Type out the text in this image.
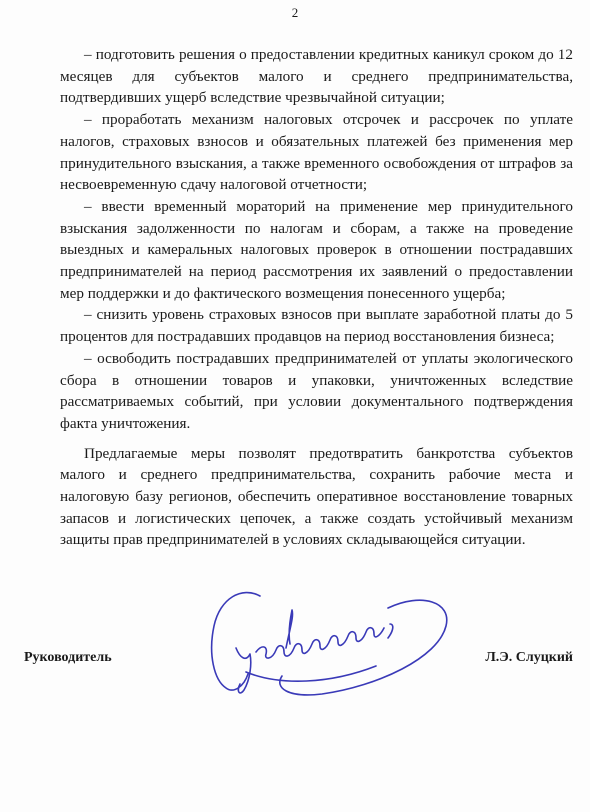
2

– подготовить решения о предоставлении кредитных каникул сроком до 12 месяцев для субъектов малого и среднего предпринимательства, подтвердивших ущерб вследствие чрезвычайной ситуации;

– проработать механизм налоговых отсрочек и рассрочек по уплате налогов, страховых взносов и обязательных платежей без применения мер принудительного взыскания, а также временного освобождения от штрафов за несвоевременную сдачу налоговой отчетности;

– ввести временный мораторий на применение мер принудительного взыскания задолженности по налогам и сборам, а также на проведение выездных и камеральных налоговых проверок в отношении пострадавших предпринимателей на период рассмотрения их заявлений о предоставлении мер поддержки и до фактического возмещения понесенного ущерба;

– снизить уровень страховых взносов при выплате заработной платы до 5 процентов для пострадавших продавцов на период восстановления бизнеса;

– освободить пострадавших предпринимателей от уплаты экологического сбора в отношении товаров и упаковки, уничтоженных вследствие рассматриваемых событий, при условии документального подтверждения факта уничтожения.

Предлагаемые меры позволят предотвратить банкротства субъектов малого и среднего предпринимательства, сохранить рабочие места и налоговую базу регионов, обеспечить оперативное восстановление товарных запасов и логистических цепочек, а также создать устойчивый механизм защиты прав предпринимателей в условиях складывающейся ситуации.

Руководитель	Л.Э. Слуцкий
